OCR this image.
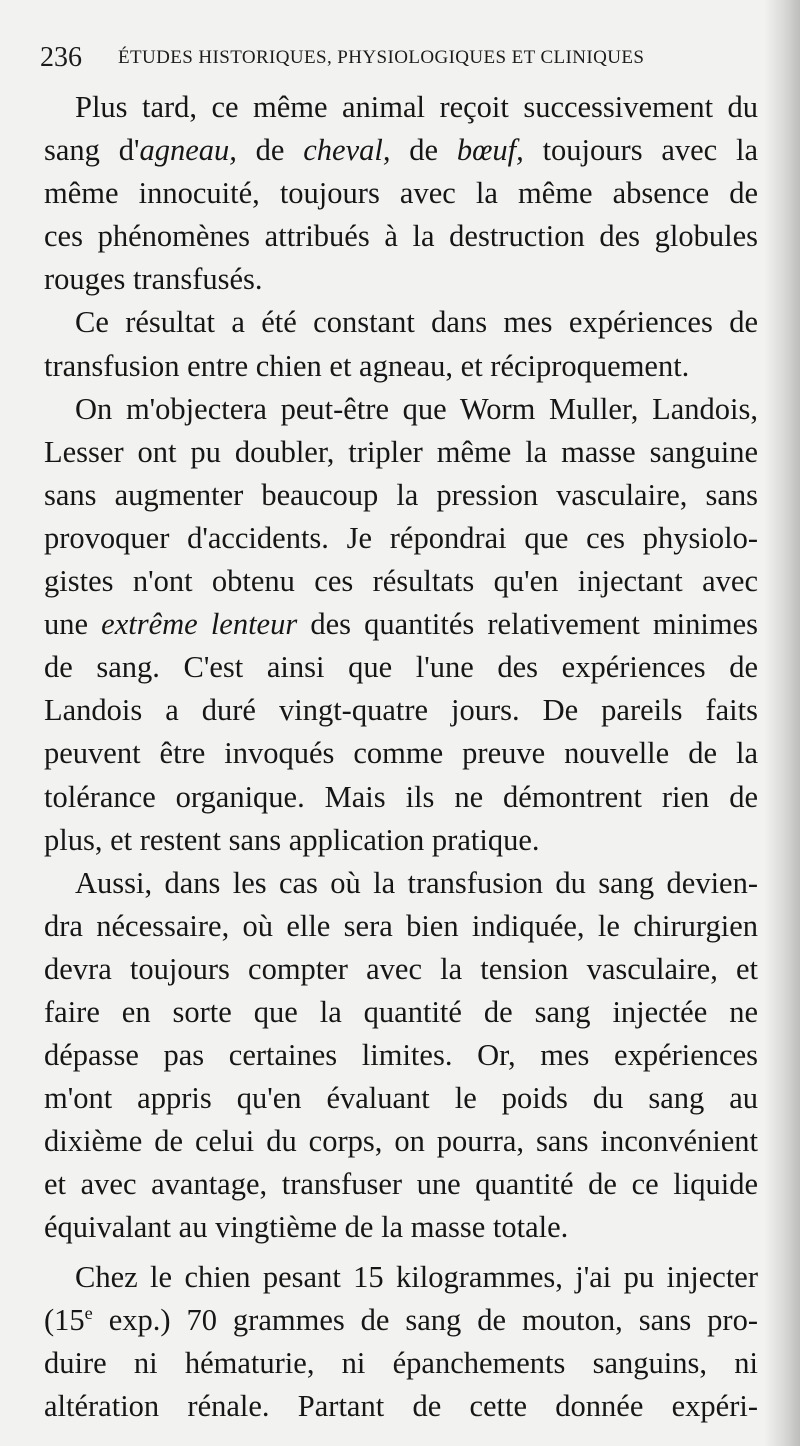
236 ÉTUDES HISTORIQUES, PHYSIOLOGIQUES ET CLINIQUES
Plus tard, ce même animal reçoit successivement du
sang d'agneau, de cheval, de bœuf, toujours avec la
même innocuité, toujours avec la même absence de
ces phénomènes attribués à la destruction des globules
rouges transfusés.
Ce résultat a été constant dans mes expériences de
transfusion entre chien et agneau, et réciproquement.
On m'objectera peut-être que Worm Muller, Landois,
Lesser ont pu doubler, tripler même la masse sanguine
sans augmenter beaucoup la pression vasculaire, sans
provoquer d'accidents. Je répondrai que ces physiolo-
gistes n'ont obtenu ces résultats qu'en injectant avec
une extrême lenteur des quantités relativement minimes
de sang. C'est ainsi que l'une des expériences de
Landois a duré vingt-quatre jours. De pareils faits
peuvent être invoqués comme preuve nouvelle de la
tolérance organique. Mais ils ne démontrent rien de
plus, et restent sans application pratique.
Aussi, dans les cas où la transfusion du sang devien-
dra nécessaire, où elle sera bien indiquée, le chirurgien
devra toujours compter avec la tension vasculaire, et
faire en sorte que la quantité de sang injectée ne
dépasse pas certaines limites. Or, mes expériences
m'ont appris qu'en évaluant le poids du sang au
dixième de celui du corps, on pourra, sans inconvénient
et avec avantage, transfuser une quantité de ce liquide
équivalant au vingtième de la masse totale.
Chez le chien pesant 15 kilogrammes, j'ai pu injecter
(15e exp.) 70 grammes de sang de mouton, sans pro-
duire ni hématurie, ni épanchements sanguins, ni
altération rénale. Partant de cette donnée expéri-
